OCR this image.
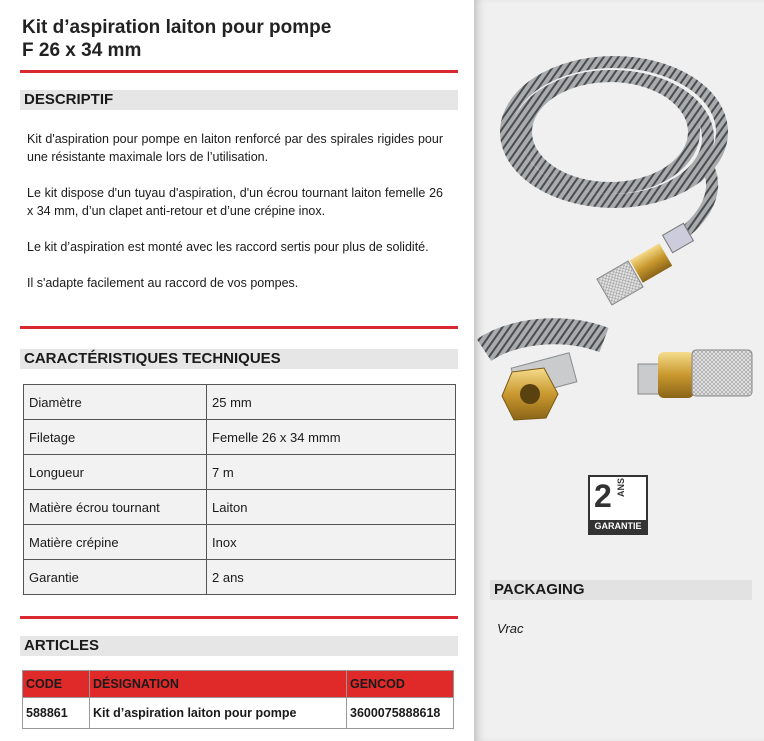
Kit d’aspiration laiton pour pompe
F 26 x 34 mm
DESCRIPTIF

Kit d'aspiration pour pompe en laiton renforcé par des spirales rigides pour une résistante maximale lors de l’utilisation.

Le kit dispose d'un tuyau d'aspiration, d'un écrou tournant laiton femelle 26 x 34 mm, d’un clapet anti-retour et d’une crépine inox.

Le kit d’aspiration est monté avec les raccord sertis pour plus de solidité.

Il s'adapte facilement au raccord de vos pompes.

CARACTÉRISTIQUES TECHNIQUES
Diamètre	25 mm
Filetage	Femelle 26 x 34 mmm
Longueur	7 m
Matière écrou tournant	Laiton
Matière crépine	Inox
Garantie	2 ans
ARTICLES
CODE	DÉSIGNATION	GENCOD
588861	Kit d’aspiration laiton pour pompe	3600075888618
2 ANS
GARANTIE
PACKAGING
Vrac
